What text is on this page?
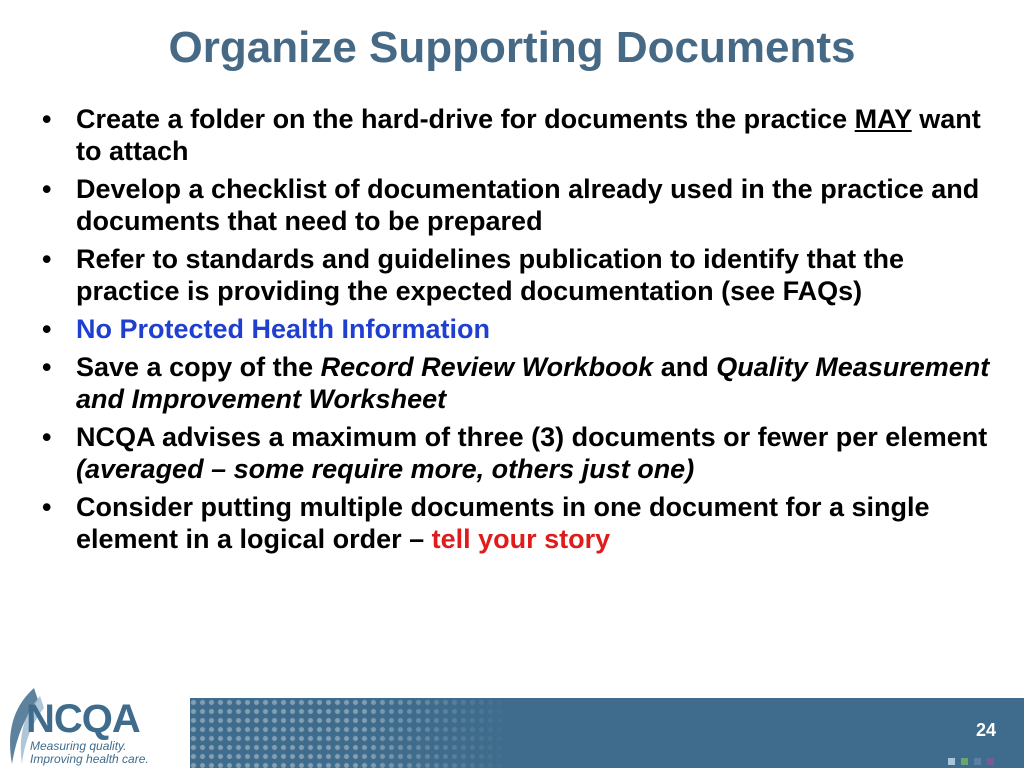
Organize Supporting Documents
• Create a folder on the hard-drive for documents the practice MAY want to attach
• Develop a checklist of documentation already used in the practice and documents that need to be prepared
• Refer to standards and guidelines publication to identify that the practice is providing the expected documentation (see FAQs)
• No Protected Health Information
• Save a copy of the Record Review Workbook and Quality Measurement and Improvement Worksheet
• NCQA advises a maximum of three (3) documents or fewer per element (averaged – some require more, others just one)
• Consider putting multiple documents in one document for a single element in a logical order – tell your story
NCQA
Measuring quality.
Improving health care.
24
